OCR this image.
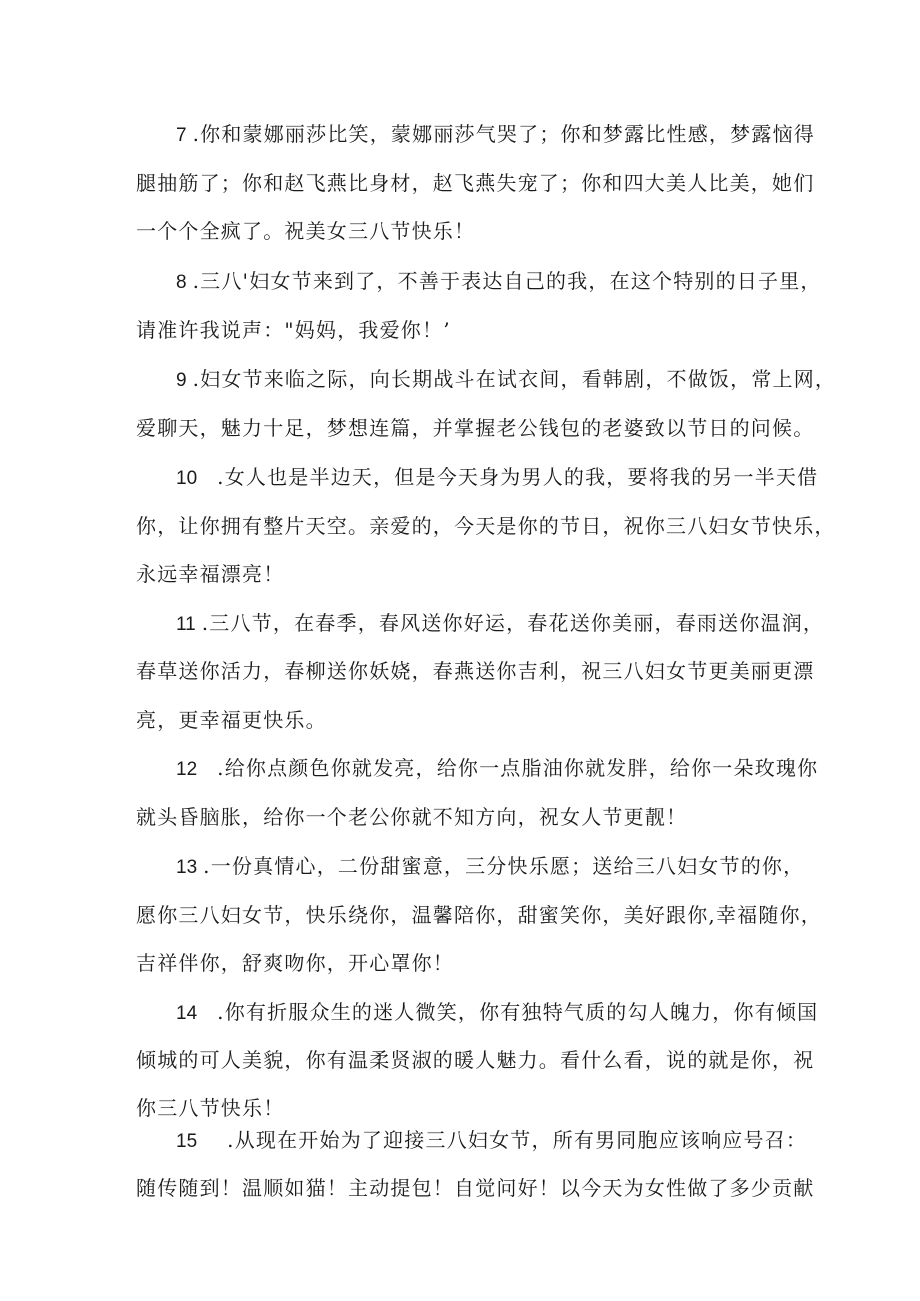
7 .你和蒙娜丽莎比笑，蒙娜丽莎气哭了；你和梦露比性感，梦露恼得
腿抽筋了；你和赵飞燕比身材，赵飞燕失宠了；你和四大美人比美，她们
一个个全疯了。祝美女三八节快乐！
8 .三八'妇女节来到了，不善于表达自己的我，在这个特别的日子里，
请准许我说声："妈妈，我爱你！’
9 .妇女节来临之际，向长期战斗在试衣间，看韩剧，不做饭，常上网，
爱聊天，魅力十足，梦想连篇，并掌握老公钱包的老婆致以节日的问候。
10 .女人也是半边天，但是今天身为男人的我，要将我的另一半天借
你，让你拥有整片天空。亲爱的，今天是你的节日，祝你三八妇女节快乐，
永远幸福漂亮！
11 .三八节，在春季，春风送你好运，春花送你美丽，春雨送你温润，
春草送你活力，春柳送你妖娆，春燕送你吉利，祝三八妇女节更美丽更漂
亮，更幸福更快乐。
12 .给你点颜色你就发亮，给你一点脂油你就发胖，给你一朵玫瑰你
就头昏脑胀，给你一个老公你就不知方向，祝女人节更靓！
13 .一份真情心，二份甜蜜意，三分快乐愿；送给三八妇女节的你，
愿你三八妇女节，快乐绕你，温馨陪你，甜蜜笑你，美好跟你,幸福随你，
吉祥伴你，舒爽吻你，开心罩你！
14 .你有折服众生的迷人微笑，你有独特气质的勾人魄力，你有倾国
倾城的可人美貌，你有温柔贤淑的暖人魅力。看什么看，说的就是你，祝
你三八节快乐！
15 .从现在开始为了迎接三八妇女节，所有男同胞应该响应号召：
随传随到！温顺如猫！主动提包！自觉问好！以今天为女性做了多少贡献
